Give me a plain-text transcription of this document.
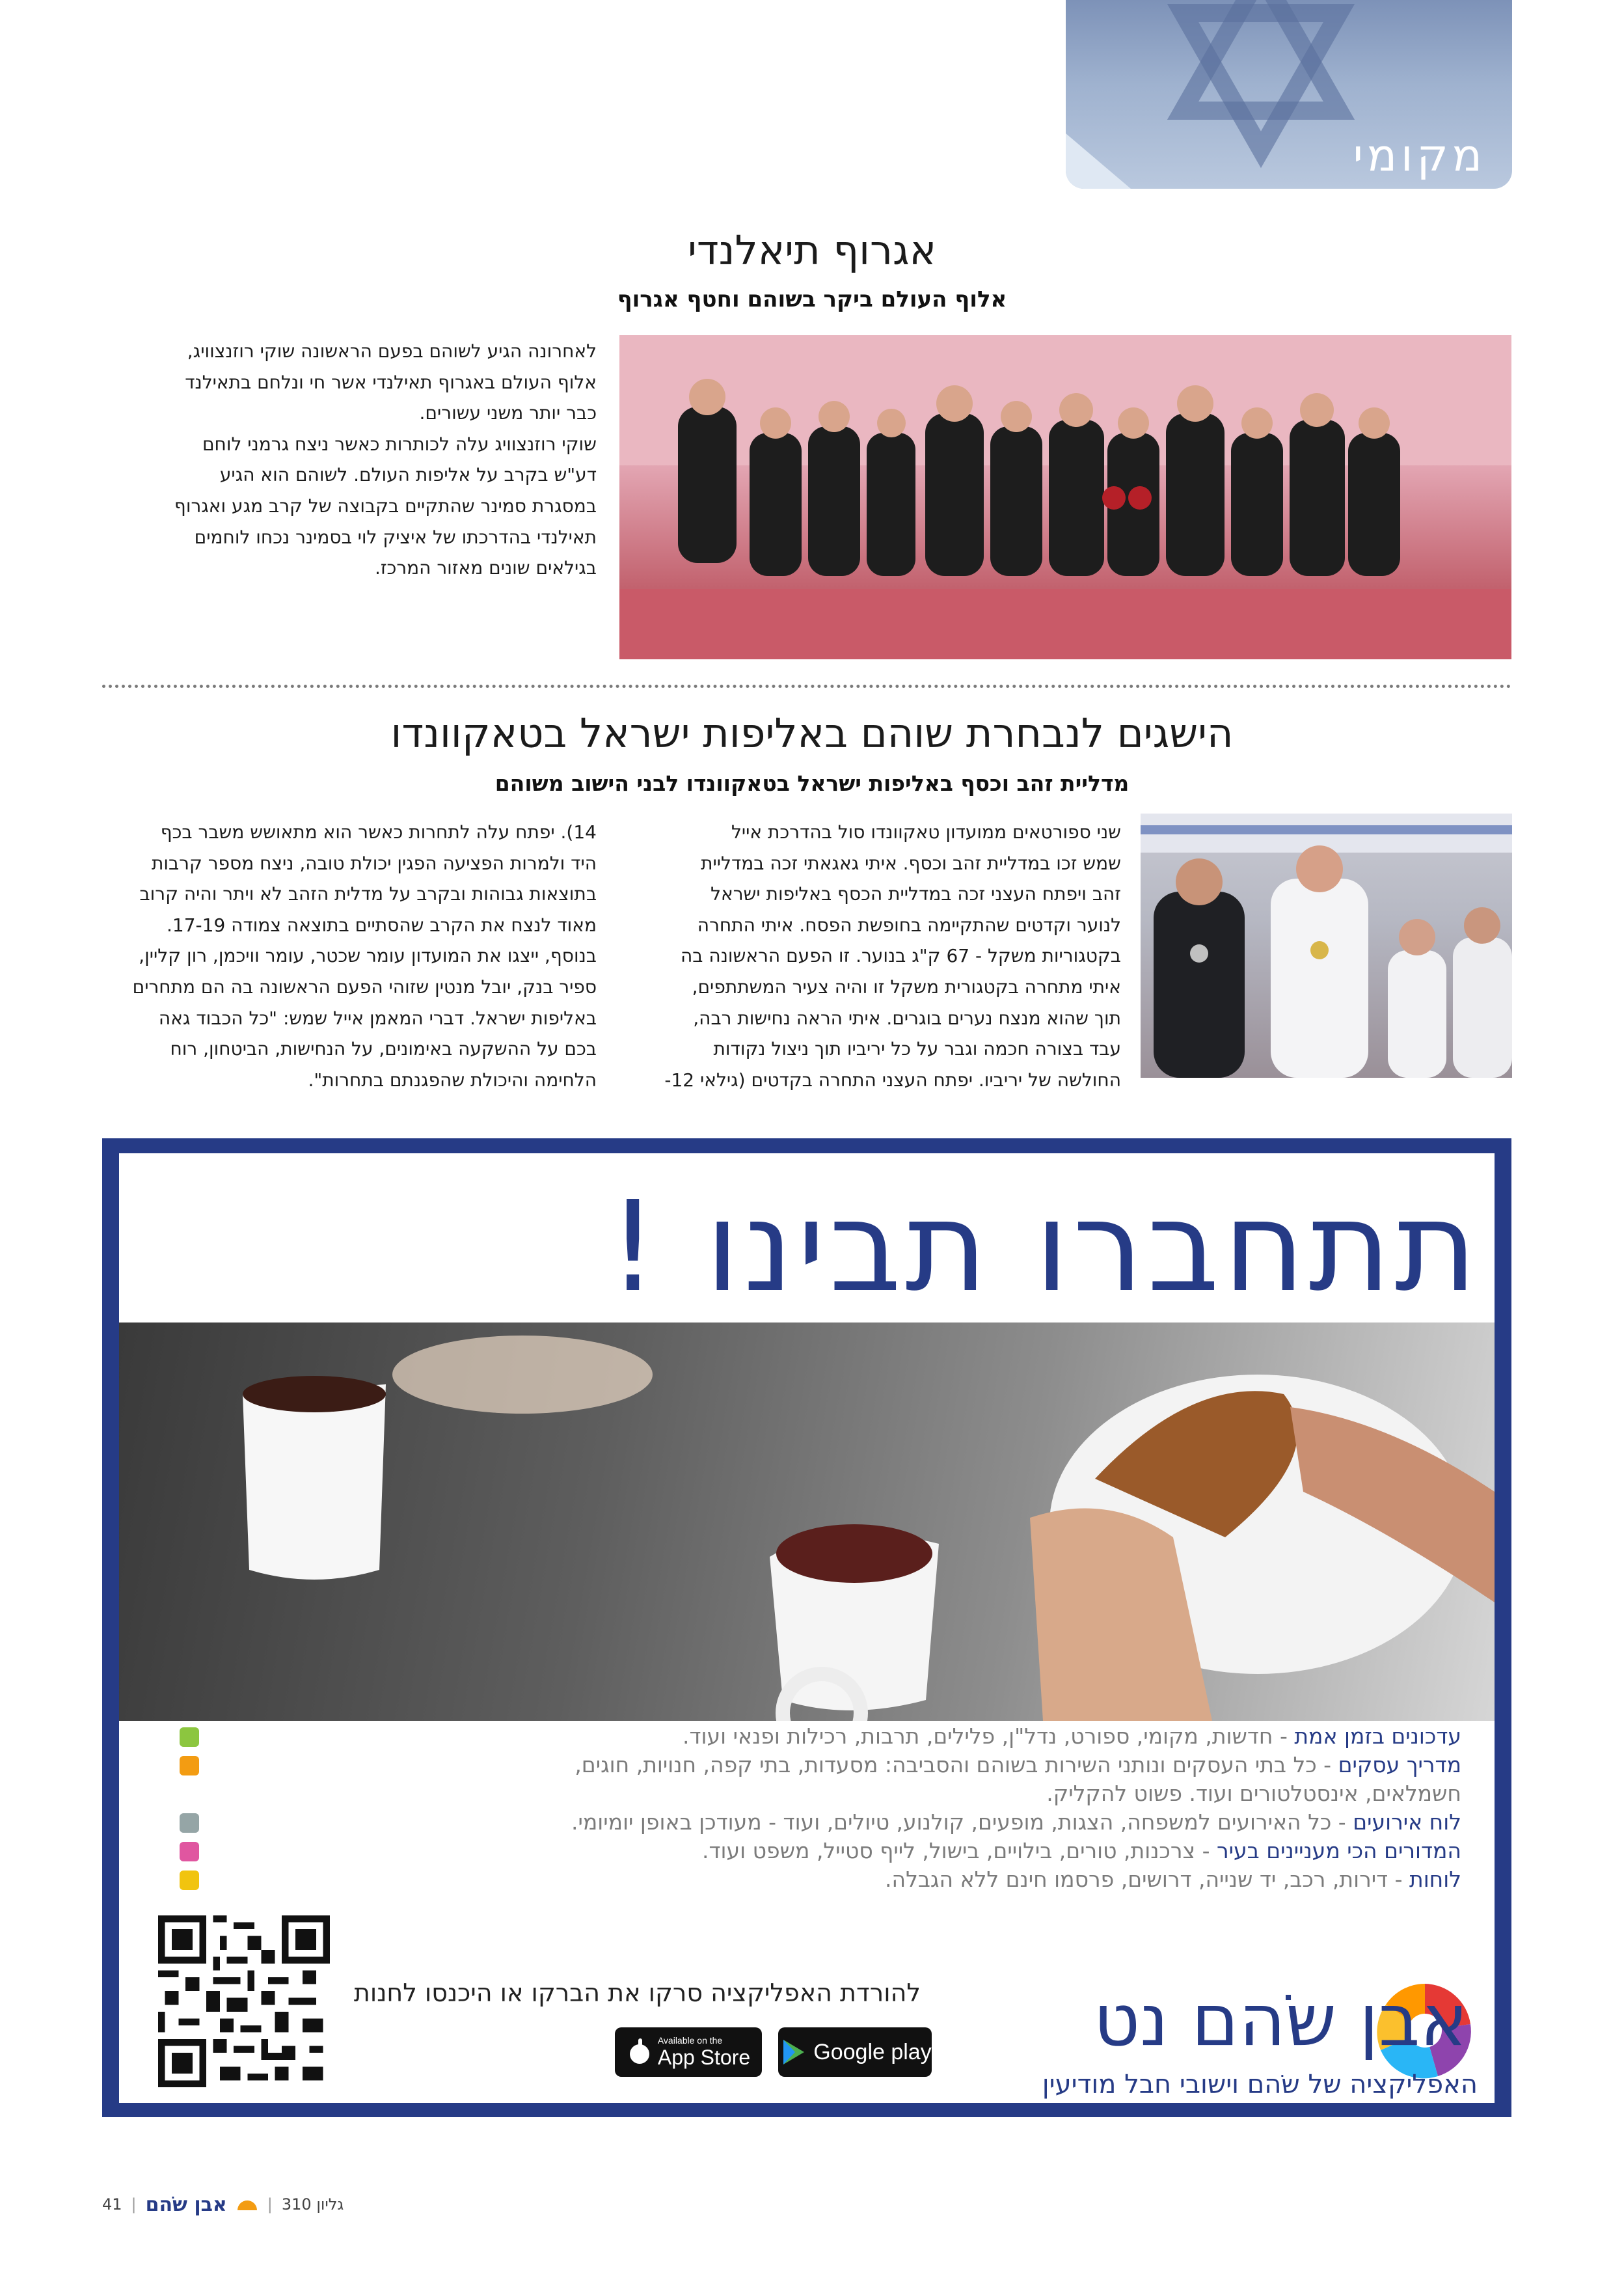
מקומי
אגרוף תיאלנדי
אלוף העולם ביקר בשוהם וחטף אגרוף
לאחרונה הגיע לשוהם בפעם הראשונה שוקי רוזנצוויג,
אלוף העולם באגרוף תאילנדי אשר חי ונלחם בתאילנד
כבר יותר משני עשורים.
שוקי רוזנצוויג עלה לכותרות כאשר ניצח גרמני לוחם
דע"ש בקרב על אליפות העולם. לשוהם הוא הגיע
במסגרת סמינר שהתקיים בקבוצה של קרב מגע ואגרוף
תאילנדי בהדרכתו של איציק לוי בסמינר נכחו לוחמים
בגילאים שונים מאזור המרכז.
הישגים לנבחרת שוהם באליפות ישראל בטאקוונדו
מדליית זהב וכסף באליפות ישראל בטאקוונדו לבני הישוב משוהם
שני ספורטאים ממועדון טאקוונדו סול בהדרכת אייל
שמש זכו במדליית זהב וכסף. איתי גאגאתי זכה במדליית
זהב ויפתח העצני זכה במדליית הכסף באליפות ישראל
לנוער וקדטים שהתקיימה בחופשת הפסח. איתי התחרה
בקטגוריות משקל - 67 ק"ג בנוער. זו הפעם הראשונה בה
איתי מתחרה בקטגורית משקל זו והיה צעיר המשתתפים,
תוך שהוא מנצח נערים בוגרים. איתי הראה נחישות רבה,
עבד בצורה חכמה וגבר על כל יריביו תוך ניצול נקודות
החולשה של יריביו. יפתח העצני התחרה בקדטים (גילאי 12-
14). יפתח עלה לתחרות כאשר הוא מתאושש משבר בכף
היד ולמרות הפציעה הפגין יכולת טובה, ניצח מספר קרבות
בתוצאות גבוהות ובקרב על מדלית הזהב לא ויתר והיה קרוב
מאוד לנצח את הקרב שהסתיים בתוצאה צמודה 17-19.
בנוסף, ייצגו את המועדון עומר שכטר, עומר וויכמן, רון קליין,
ספיר בנק, יובל מנטין שזוהי הפעם הראשונה בה הם מתחרים
באליפות ישראל. דברי המאמן אייל שמש: "כל הכבוד גאה
בכם על ההשקעה באימונים, על הנחישות, הביטחון, רוח
הלחימה והיכולת שהפגנתם בתחרות".
תתחברו תבינו !
עדכונים בזמן אמת - חדשות, מקומי, ספורט, נדל"ן, פלילים, תרבות, רכילות ופנאי ועוד.
מדריך עסקים - כל בתי העסקים ונותני השירות בשוהם והסביבה: מסעדות, בתי קפה, חנויות, חוגים,
חשמלאים, אינסטלטורים ועוד. פשוט להקליק.
לוח אירועים - כל האירועים למשפחה, הצגות, מופעים, קולנוע, טיולים, ועוד - מעודכן באופן יומיומי.
המדורים הכי מעניינים בעיר - צרכנות, טורים, בילויים, בישול, לייף סטייל, משפט ועוד.
לוחות - דירות, רכב, יד שנייה, דרושים, פרסמו חינם ללא הגבלה.
אבן שֹהם נט
האפליקציה של שֹהם וישובי חבל מודיעין
להורדת האפליקציה סרקו את הברקו או היכנסו לחנות
Google play
Available on the
App Store
41 | אבן שֹהם	| גליון 310
